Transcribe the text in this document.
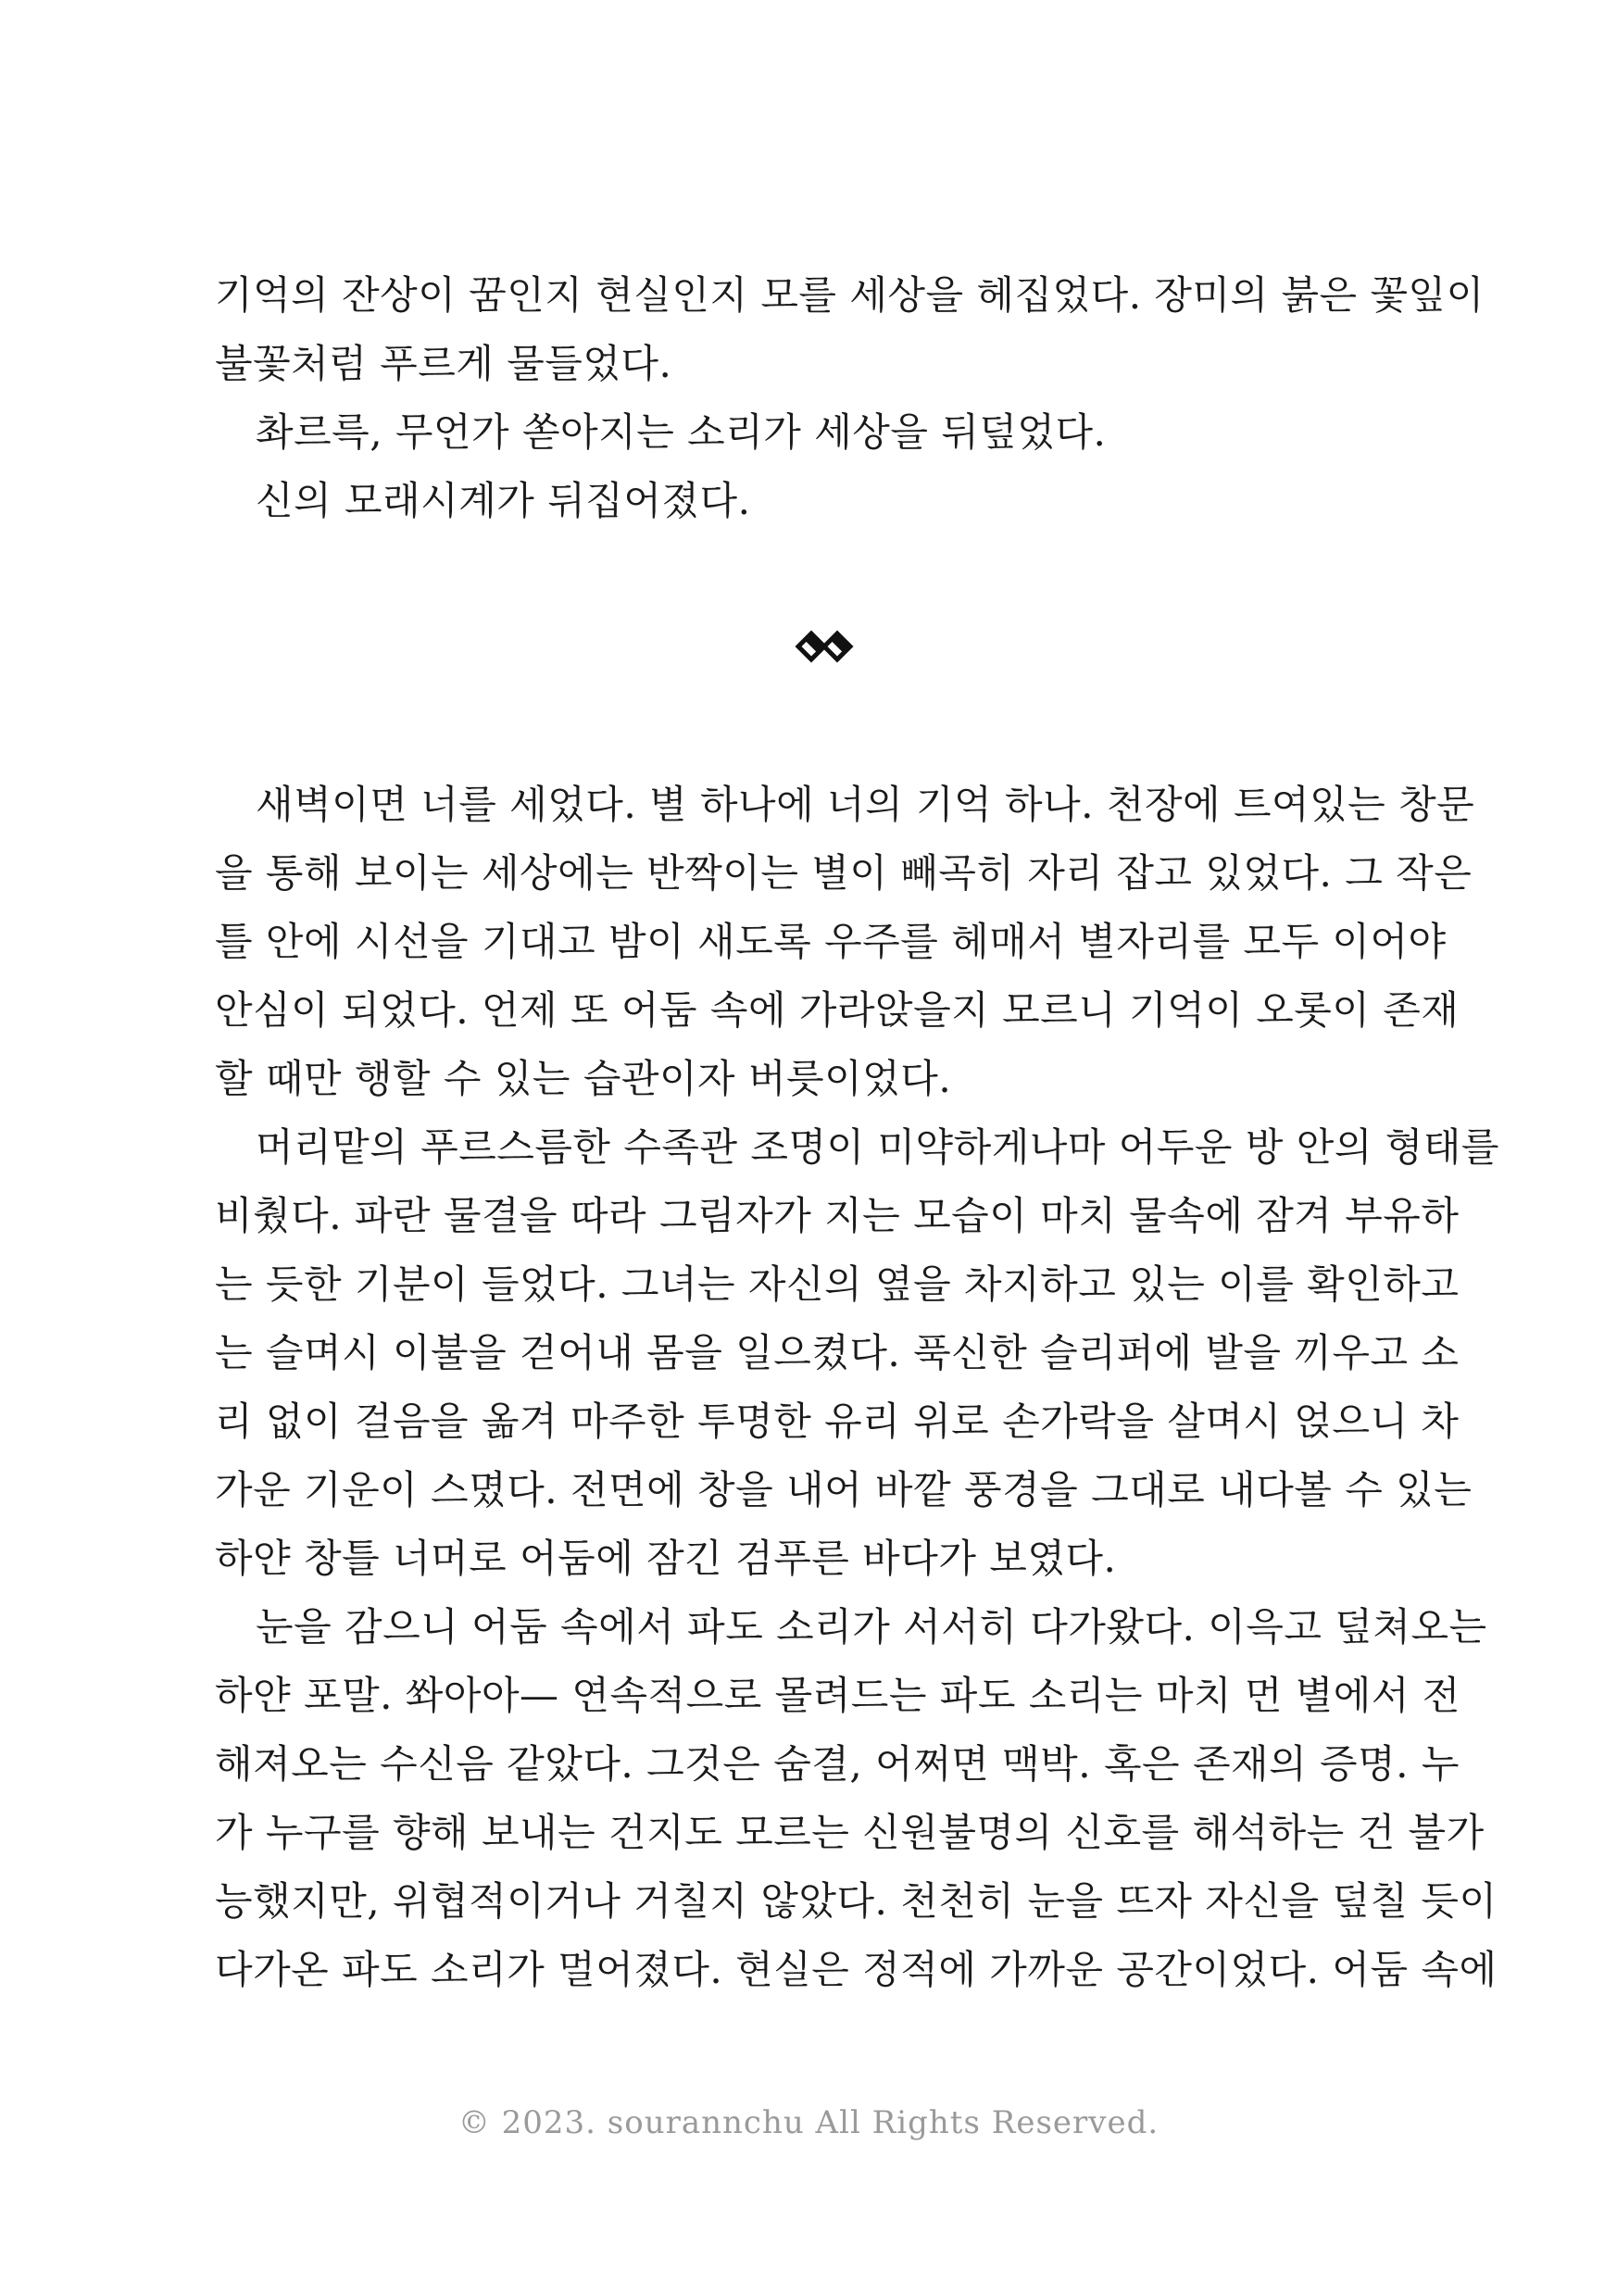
기억의 잔상이 꿈인지 현실인지 모를 세상을 헤집었다. 장미의 붉은 꽃잎이
불꽃처럼 푸르게 물들었다.
촤르륵, 무언가 쏟아지는 소리가 세상을 뒤덮었다.
신의 모래시계가 뒤집어졌다.
새벽이면 너를 세었다. 별 하나에 너의 기억 하나. 천장에 트여있는 창문
을 통해 보이는 세상에는 반짝이는 별이 빼곡히 자리 잡고 있었다. 그 작은
틀 안에 시선을 기대고 밤이 새도록 우주를 헤매서 별자리를 모두 이어야
안심이 되었다. 언제 또 어둠 속에 가라앉을지 모르니 기억이 오롯이 존재
할 때만 행할 수 있는 습관이자 버릇이었다.
머리맡의 푸르스름한 수족관 조명이 미약하게나마 어두운 방 안의 형태를
비췄다. 파란 물결을 따라 그림자가 지는 모습이 마치 물속에 잠겨 부유하
는 듯한 기분이 들었다. 그녀는 자신의 옆을 차지하고 있는 이를 확인하고
는 슬며시 이불을 걷어내 몸을 일으켰다. 푹신한 슬리퍼에 발을 끼우고 소
리 없이 걸음을 옮겨 마주한 투명한 유리 위로 손가락을 살며시 얹으니 차
가운 기운이 스몄다. 전면에 창을 내어 바깥 풍경을 그대로 내다볼 수 있는
하얀 창틀 너머로 어둠에 잠긴 검푸른 바다가 보였다.
눈을 감으니 어둠 속에서 파도 소리가 서서히 다가왔다. 이윽고 덮쳐오는
하얀 포말. 쏴아아— 연속적으로 몰려드는 파도 소리는 마치 먼 별에서 전
해져오는 수신음 같았다. 그것은 숨결, 어쩌면 맥박. 혹은 존재의 증명. 누
가 누구를 향해 보내는 건지도 모르는 신원불명의 신호를 해석하는 건 불가
능했지만, 위협적이거나 거칠지 않았다. 천천히 눈을 뜨자 자신을 덮칠 듯이
다가온 파도 소리가 멀어졌다. 현실은 정적에 가까운 공간이었다. 어둠 속에
© 2023. sourannchu All Rights Reserved.
